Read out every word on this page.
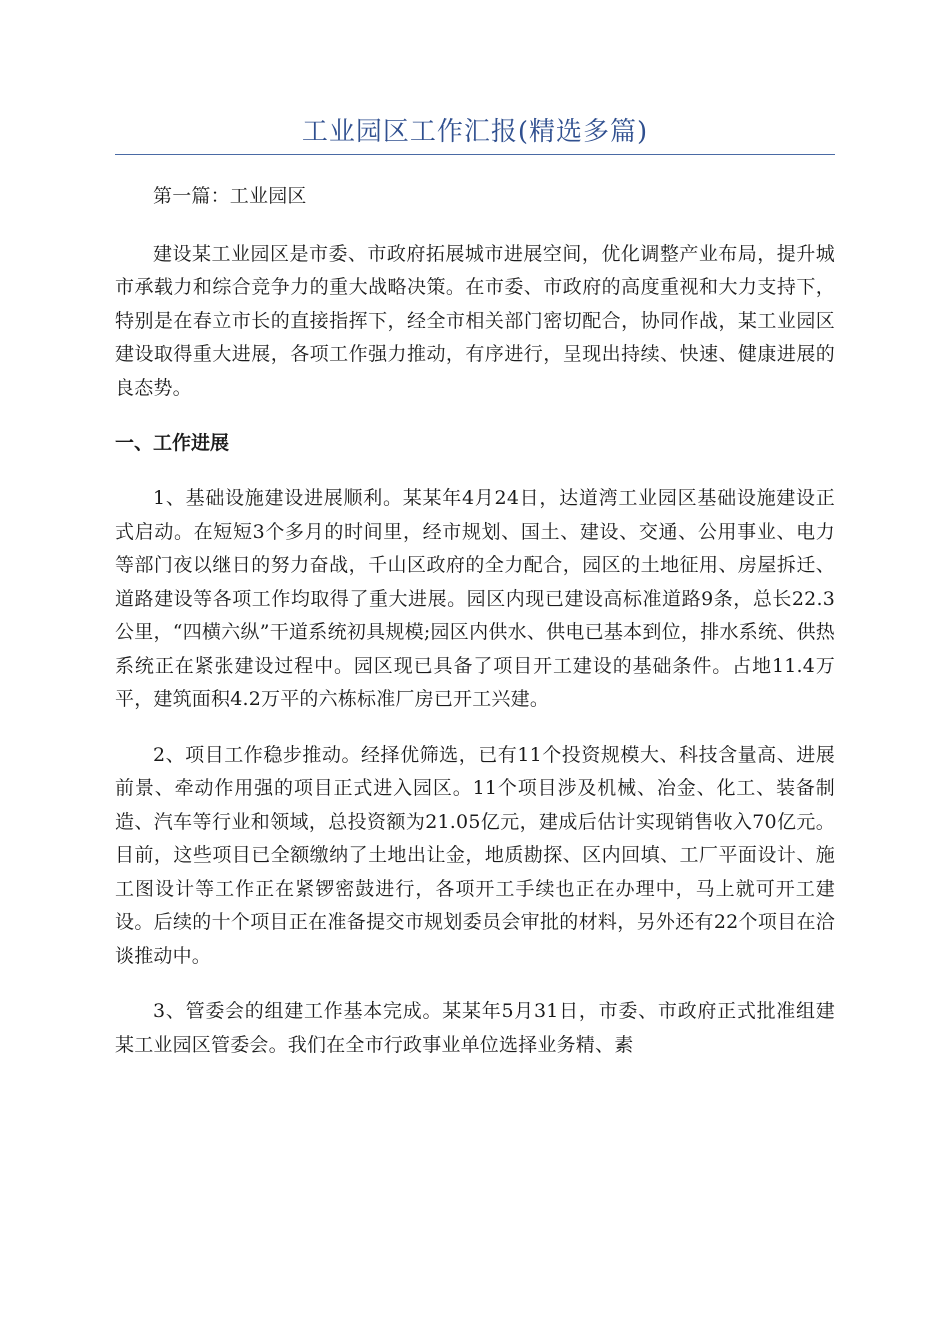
工业园区工作汇报(精选多篇)

第一篇：工业园区

建设某工业园区是市委、市政府拓展城市进展空间，优化调整产业布局，提升城市承载力和综合竞争力的重大战略决策。在市委、市政府的高度重视和大力支持下，特别是在春立市长的直接指挥下，经全市相关部门密切配合，协同作战，某工业园区建设取得重大进展，各项工作强力推动，有序进行，呈现出持续、快速、健康进展的良态势。

一、工作进展

1、基础设施建设进展顺利。某某年4月24日，达道湾工业园区基础设施建设正式启动。在短短3个多月的时间里，经市规划、国土、建设、交通、公用事业、电力等部门夜以继日的努力奋战，千山区政府的全力配合，园区的土地征用、房屋拆迁、道路建设等各项工作均取得了重大进展。园区内现已建设高标准道路9条，总长22.3公里，“四横六纵”干道系统初具规模;园区内供水、供电已基本到位，排水系统、供热系统正在紧张建设过程中。园区现已具备了项目开工建设的基础条件。占地11.4万平，建筑面积4.2万平的六栋标准厂房已开工兴建。

2、项目工作稳步推动。经择优筛选，已有11个投资规模大、科技含量高、进展前景、牵动作用强的项目正式进入园区。11个项目涉及机械、冶金、化工、装备制造、汽车等行业和领域，总投资额为21.05亿元，建成后估计实现销售收入70亿元。目前，这些项目已全额缴纳了土地出让金，地质勘探、区内回填、工厂平面设计、施工图设计等工作正在紧锣密鼓进行，各项开工手续也正在办理中，马上就可开工建设。后续的十个项目正在准备提交市规划委员会审批的材料，另外还有22个项目在洽谈推动中。

3、管委会的组建工作基本完成。某某年5月31日，市委、市政府正式批准组建某工业园区管委会。我们在全市行政事业单位选择业务精、素
